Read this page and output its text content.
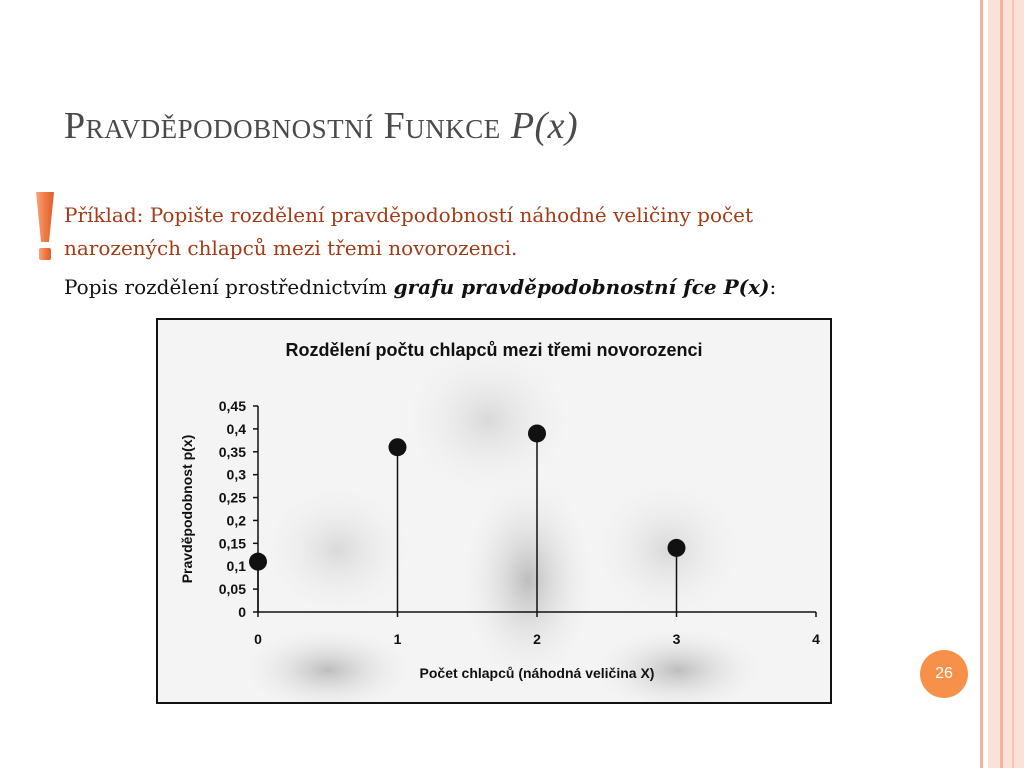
Pravděpodobnostní Funkce P(x)

Příklad: Popište rozdělení pravděpodobností náhodné veličiny počet

narozených chlapců mezi třemi novorozenci.

Popis rozdělení prostřednictvím grafu pravděpodobnostní fce P(x):

Rozdělení počtu chlapců mezi třemi novorozenci
0
0,05
0,1
0,15
0,2
0,25
0,3
0,35
0,4
0,45
0	1	2	3	4
Pravděpodobnost p(x)
Počet chlapců (náhodná veličina X)	26
